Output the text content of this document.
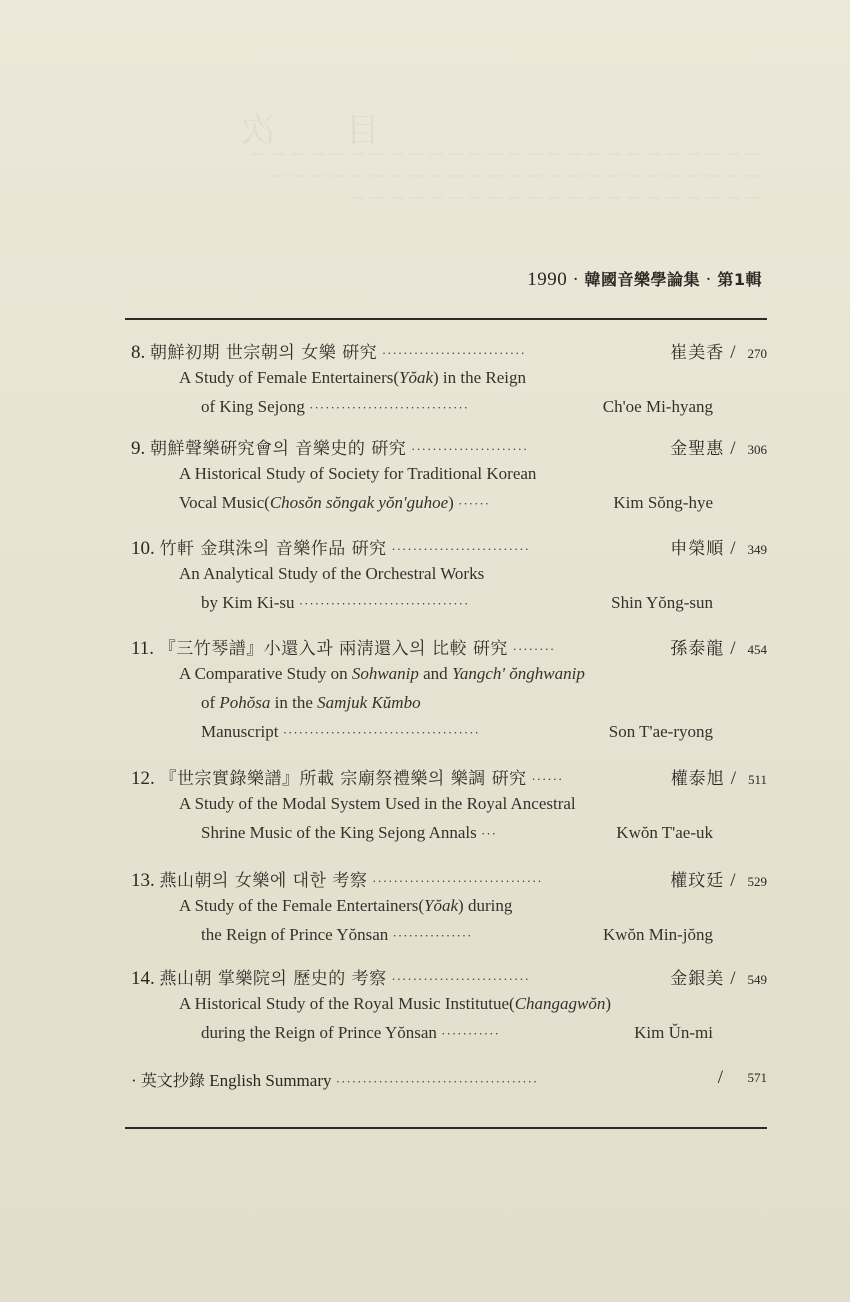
目 次
— — — — — — — — — — — — — — — — — — — — — — — — — —
— — — — — — — — — — — — — — — — — — — — — — — — —
— — — — — — — — — — — — — — — — — — — — —
1990 · 韓國音樂學論集 · 第1輯
8. 朝鮮初期 世宗朝의 女樂 硏究 ···························	崔美香 / 270
A Study of Female Entertainers(Yŏak) in the Reign
of King Sejong ······························	Ch'oe Mi-hyang
9. 朝鮮聲樂硏究會의 音樂史的 硏究 ······················	金聖惠 / 306
A Historical Study of Society for Traditional Korean
Vocal Music(Chosŏn sŏngak yŏn'guhoe) ······	Kim Sŏng-hye
10. 竹軒 金琪洙의 音樂作品 硏究 ··························	申榮順 / 349
An Analytical Study of the Orchestral Works
by Kim Ki-su ································	Shin Yŏng-sun
11. 『三竹琴譜』小還入과 兩淸還入의 比較 硏究 ········	孫泰龍 / 454
A Comparative Study on Sohwanip and Yangch' ŏnghwanip
of Pohŏsa in the Samjuk Kŭmbo
Manuscript ·····································	Son T'ae-ryong
12. 『世宗實錄樂譜』所載 宗廟祭禮樂의 樂調 硏究 ······	權泰旭 / 511
A Study of the Modal System Used in the Royal Ancestral
Shrine Music of the King Sejong Annals ···	Kwŏn T'ae-uk
13. 燕山朝의 女樂에 대한 考察 ································	權玟廷 / 529
A Study of the Female Entertainers(Yŏak) during
the Reign of Prince Yŏnsan ···············	Kwŏn Min-jŏng
14. 燕山朝 掌樂院의 歷史的 考察 ··························	金銀美 / 549
A Historical Study of the Royal Music Institutue(Changagwŏn)
during the Reign of Prince Yŏnsan ···········	Kim Ŭn-mi
· 英文抄錄 English Summary ······································	/ 571
